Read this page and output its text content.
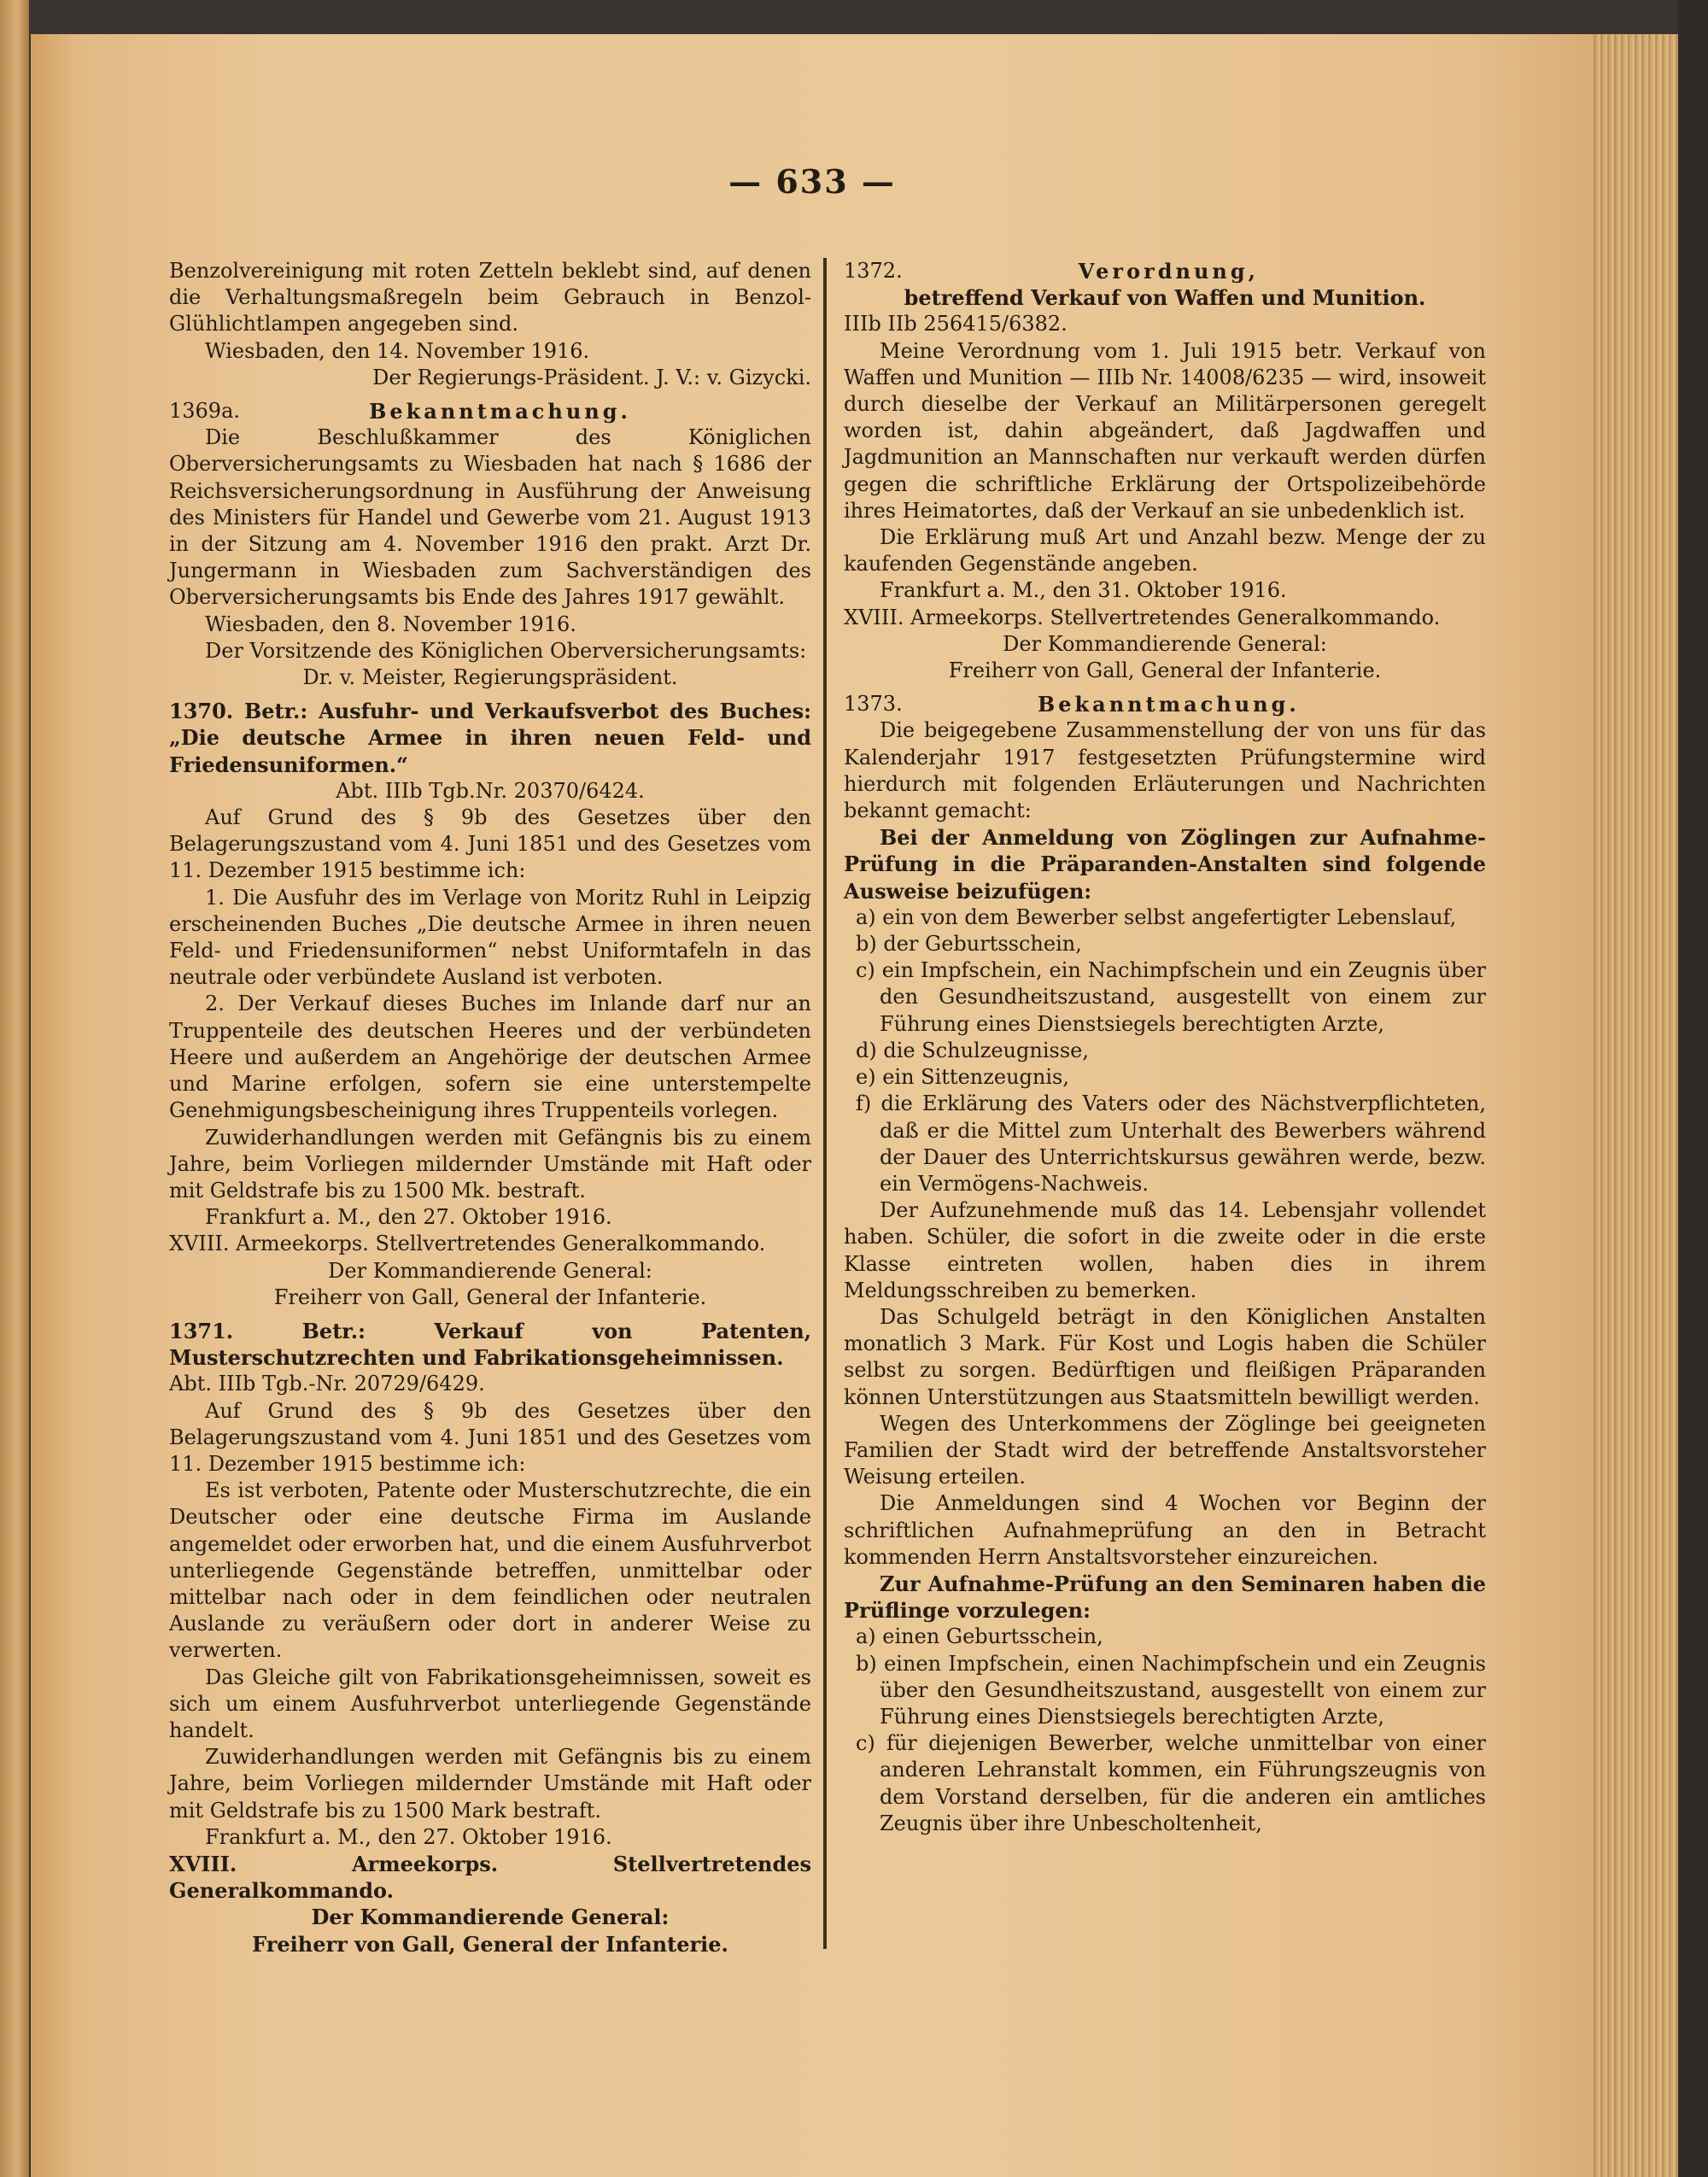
— 633 —

Benzolvereinigung mit roten Zetteln beklebt sind, auf denen die Verhaltungsmaßregeln beim Gebrauch in Benzol-Glühlichtlampen angegeben sind.

Wiesbaden, den 14. November 1916.

Der Regierungs-Präsident. J. V.: v. Gizycki.

1369a.	Bekanntmachung.

Die Beschlußkammer des Königlichen Oberversicherungsamts zu Wiesbaden hat nach § 1686 der Reichsversicherungsordnung in Ausführung der Anweisung des Ministers für Handel und Gewerbe vom 21. August 1913 in der Sitzung am 4. November 1916 den prakt. Arzt Dr. Jungermann in Wiesbaden zum Sachverständigen des Oberversicherungsamts bis Ende des Jahres 1917 gewählt.

Wiesbaden, den 8. November 1916.

Der Vorsitzende des Königlichen Oberversicherungsamts:

Dr. v. Meister, Regierungspräsident.

1370. Betr.: Ausfuhr- und Verkaufsverbot des Buches: „Die deutsche Armee in ihren neuen Feld- und Friedensuniformen.“

Abt. IIIb Tgb.Nr. 20370/6424.

Auf Grund des § 9b des Gesetzes über den Belagerungszustand vom 4. Juni 1851 und des Gesetzes vom 11. Dezember 1915 bestimme ich:

1. Die Ausfuhr des im Verlage von Moritz Ruhl in Leipzig erscheinenden Buches „Die deutsche Armee in ihren neuen Feld- und Friedensuniformen“ nebst Uniformtafeln in das neutrale oder verbündete Ausland ist verboten.

2. Der Verkauf dieses Buches im Inlande darf nur an Truppenteile des deutschen Heeres und der verbündeten Heere und außerdem an Angehörige der deutschen Armee und Marine erfolgen, sofern sie eine unterstempelte Genehmigungsbescheinigung ihres Truppenteils vorlegen.

Zuwiderhandlungen werden mit Gefängnis bis zu einem Jahre, beim Vorliegen mildernder Umstände mit Haft oder mit Geldstrafe bis zu 1500 Mk. bestraft.

Frankfurt a. M., den 27. Oktober 1916.

XVIII. Armeekorps. Stellvertretendes Generalkommando.

Der Kommandierende General:

Freiherr von Gall, General der Infanterie.

1371. Betr.: Verkauf von Patenten, Musterschutzrechten und Fabrikationsgeheimnissen.

Abt. IIIb Tgb.-Nr. 20729/6429.

Auf Grund des § 9b des Gesetzes über den Belagerungszustand vom 4. Juni 1851 und des Gesetzes vom 11. Dezember 1915 bestimme ich:

Es ist verboten, Patente oder Musterschutzrechte, die ein Deutscher oder eine deutsche Firma im Auslande angemeldet oder erworben hat, und die einem Ausfuhrverbot unterliegende Gegenstände betreffen, unmittelbar oder mittelbar nach oder in dem feindlichen oder neutralen Auslande zu veräußern oder dort in anderer Weise zu verwerten.

Das Gleiche gilt von Fabrikationsgeheimnissen, soweit es sich um einem Ausfuhrverbot unterliegende Gegenstände handelt.

Zuwiderhandlungen werden mit Gefängnis bis zu einem Jahre, beim Vorliegen mildernder Umstände mit Haft oder mit Geldstrafe bis zu 1500 Mark bestraft.

Frankfurt a. M., den 27. Oktober 1916.

XVIII. Armeekorps. Stellvertretendes Generalkommando.

Der Kommandierende General:

Freiherr von Gall, General der Infanterie.

1372.	Verordnung,

betreffend Verkauf von Waffen und Munition.

IIIb IIb 256415/6382.

Meine Verordnung vom 1. Juli 1915 betr. Verkauf von Waffen und Munition — IIIb Nr. 14008/6235 — wird, insoweit durch dieselbe der Verkauf an Militärpersonen geregelt worden ist, dahin abgeändert, daß Jagdwaffen und Jagdmunition an Mannschaften nur verkauft werden dürfen gegen die schriftliche Erklärung der Ortspolizeibehörde ihres Heimatortes, daß der Verkauf an sie unbedenklich ist.

Die Erklärung muß Art und Anzahl bezw. Menge der zu kaufenden Gegenstände angeben.

Frankfurt a. M., den 31. Oktober 1916.

XVIII. Armeekorps. Stellvertretendes Generalkommando.

Der Kommandierende General:

Freiherr von Gall, General der Infanterie.

1373.	Bekanntmachung.

Die beigegebene Zusammenstellung der von uns für das Kalenderjahr 1917 festgesetzten Prüfungstermine wird hierdurch mit folgenden Erläuterungen und Nachrichten bekannt gemacht:

Bei der Anmeldung von Zöglingen zur Aufnahme-Prüfung in die Präparanden-Anstalten sind folgende Ausweise beizufügen:

a) ein von dem Bewerber selbst angefertigter Lebenslauf,

b) der Geburtsschein,

c) ein Impfschein, ein Nachimpfschein und ein Zeugnis über den Gesundheitszustand, ausgestellt von einem zur Führung eines Dienstsiegels berechtigten Arzte,

d) die Schulzeugnisse,

e) ein Sittenzeugnis,

f) die Erklärung des Vaters oder des Nächstverpflichteten, daß er die Mittel zum Unterhalt des Bewerbers während der Dauer des Unterrichtskursus gewähren werde, bezw. ein Vermögens-Nachweis.

Der Aufzunehmende muß das 14. Lebensjahr vollendet haben. Schüler, die sofort in die zweite oder in die erste Klasse eintreten wollen, haben dies in ihrem Meldungsschreiben zu bemerken.

Das Schulgeld beträgt in den Königlichen Anstalten monatlich 3 Mark. Für Kost und Logis haben die Schüler selbst zu sorgen. Bedürftigen und fleißigen Präparanden können Unterstützungen aus Staatsmitteln bewilligt werden.

Wegen des Unterkommens der Zöglinge bei geeigneten Familien der Stadt wird der betreffende Anstaltsvorsteher Weisung erteilen.

Die Anmeldungen sind 4 Wochen vor Beginn der schriftlichen Aufnahmeprüfung an den in Betracht kommenden Herrn Anstaltsvorsteher einzureichen.

Zur Aufnahme-Prüfung an den Seminaren haben die Prüflinge vorzulegen:

a) einen Geburtsschein,

b) einen Impfschein, einen Nachimpfschein und ein Zeugnis über den Gesundheitszustand, ausgestellt von einem zur Führung eines Dienstsiegels berechtigten Arzte,

c) für diejenigen Bewerber, welche unmittelbar von einer anderen Lehranstalt kommen, ein Führungszeugnis von dem Vorstand derselben, für die anderen ein amtliches Zeugnis über ihre Unbescholtenheit,
